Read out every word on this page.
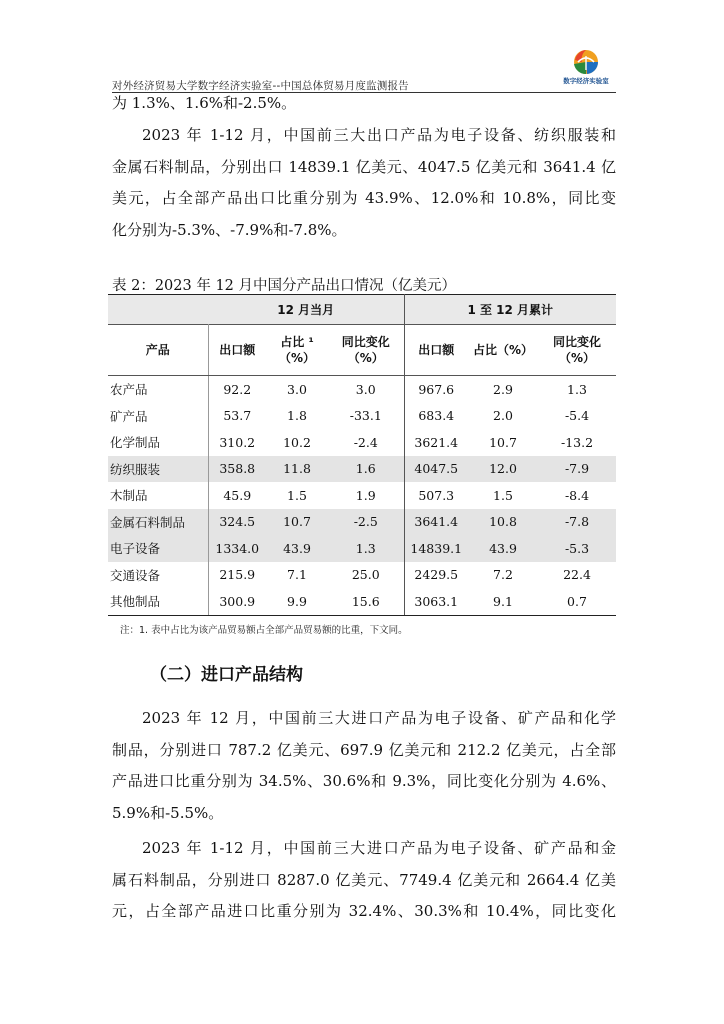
对外经济贸易大学数字经济实验室--中国总体贸易月度监测报告	数字经济实验室
为 1.3%、1.6%和-2.5%。
2023 年 1-12 月，中国前三大出口产品为电子设备、纺织服装和
金属石料制品，分别出口 14839.1 亿美元、4047.5 亿美元和 3641.4 亿
美元，占全部产品出口比重分别为 43.9%、12.0%和 10.8%，同比变
化分别为-5.3%、-7.9%和-7.8%。
表 2：2023 年 12 月中国分产品出口情况（亿美元）
	12 月当月			1 至 12 月累计		
产品	出口额	占比 ¹（%）	同比变化（%）	出口额	占比（%）	同比变化（%）
农产品	92.2	3.0	3.0	967.6	2.9	1.3
矿产品	53.7	1.8	-33.1	683.4	2.0	-5.4
化学制品	310.2	10.2	-2.4	3621.4	10.7	-13.2
纺织服装	358.8	11.8	1.6	4047.5	12.0	-7.9
木制品	45.9	1.5	1.9	507.3	1.5	-8.4
金属石料制品	324.5	10.7	-2.5	3641.4	10.8	-7.8
电子设备	1334.0	43.9	1.3	14839.1	43.9	-5.3
交通设备	215.9	7.1	25.0	2429.5	7.2	22.4
其他制品	300.9	9.9	15.6	3063.1	9.1	0.7
注：1. 表中占比为该产品贸易额占全部产品贸易额的比重，下文同。
（二）进口产品结构
2023 年 12 月，中国前三大进口产品为电子设备、矿产品和化学
制品，分别进口 787.2 亿美元、697.9 亿美元和 212.2 亿美元，占全部
产品进口比重分别为 34.5%、30.6%和 9.3%，同比变化分别为 4.6%、
5.9%和-5.5%。
2023 年 1-12 月，中国前三大进口产品为电子设备、矿产品和金
属石料制品，分别进口 8287.0 亿美元、7749.4 亿美元和 2664.4 亿美
元，占全部产品进口比重分别为 32.4%、30.3%和 10.4%，同比变化
